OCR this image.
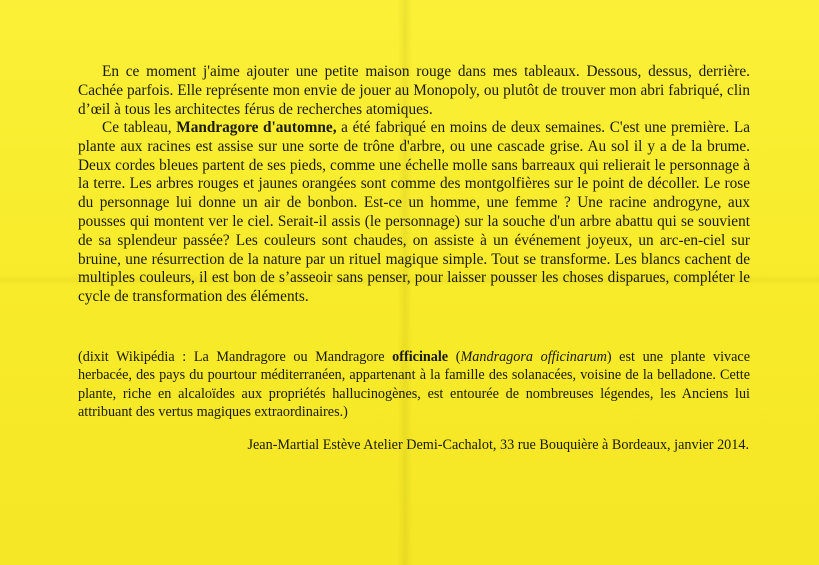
En ce moment j'aime ajouter une petite maison rouge dans mes tableaux. Dessous, dessus, derrière. Cachée parfois. Elle représente mon envie de jouer au Monopoly, ou plutôt de trouver mon abri fabriqué, clin d’œil à tous les architectes férus de recherches atomiques.

Ce tableau, Mandragore d'automne, a été fabriqué en moins de deux semaines. C'est une première. La plante aux racines est assise sur une sorte de trône d'arbre, ou une cascade grise. Au sol il y a de la brume. Deux cordes bleues partent de ses pieds, comme une échelle molle sans barreaux qui relierait le personnage à la terre. Les arbres rouges et jaunes orangées sont comme des montgolfières sur le point de décoller. Le rose du personnage lui donne un air de bonbon. Est-ce un homme, une femme ? Une racine androgyne, aux pousses qui montent ver le ciel. Serait-il assis (le personnage) sur la souche d'un arbre abattu qui se souvient de sa splendeur passée? Les couleurs sont chaudes, on assiste à un événement joyeux, un arc-en-ciel sur bruine, une résurrection de la nature par un rituel magique simple. Tout se transforme. Les blancs cachent de multiples couleurs, il est bon de s’asseoir sans penser, pour laisser pousser les choses disparues, compléter le cycle de transformation des éléments.

(dixit Wikipédia : La Mandragore ou Mandragore officinale (Mandragora officinarum) est une plante vivace herbacée, des pays du pourtour méditerranéen, appartenant à la famille des solanacées, voisine de la belladone. Cette plante, riche en alcaloïdes aux propriétés hallucinogènes, est entourée de nombreuses légendes, les Anciens lui attribuant des vertus magiques extraordinaires.)

Jean-Martial Estève Atelier Demi-Cachalot, 33 rue Bouquière à Bordeaux, janvier 2014.
